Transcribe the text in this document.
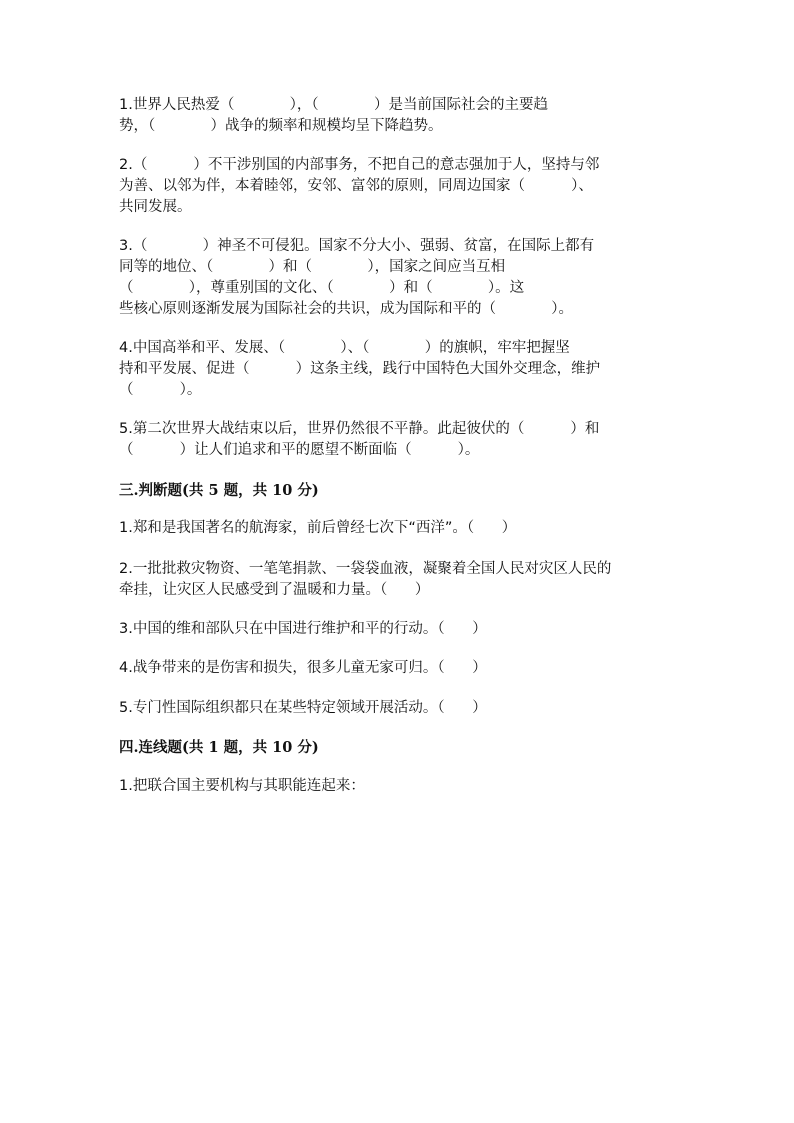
1.世界人民热爱（            ），（            ）是当前国际社会的主要趋
势，（            ）战争的频率和规模均呈下降趋势。
2.（          ）不干涉别国的内部事务，不把自己的意志强加于人，坚持与邻
为善、以邻为伴，本着睦邻，安邻、富邻的原则，同周边国家（          ）、
共同发展。
3.（            ）神圣不可侵犯。国家不分大小、强弱、贫富，在国际上都有
同等的地位、（            ）和（            ），国家之间应当互相
（            ），尊重别国的文化、（            ）和（            ）。这
些核心原则逐渐发展为国际社会的共识，成为国际和平的（            ）。
4.中国高举和平、发展、（            ）、（            ）的旗帜，牢牢把握坚
持和平发展、促进（          ）这条主线，践行中国特色大国外交理念，维护
（          ）。
5.第二次世界大战结束以后，世界仍然很不平静。此起彼伏的（          ）和
（          ）让人们追求和平的愿望不断面临（          ）。
三.判断题(共 5 题，共 10 分)
1.郑和是我国著名的航海家，前后曾经七次下“西洋”。（      ）
2.一批批救灾物资、一笔笔捐款、一袋袋血液，凝聚着全国人民对灾区人民的
牵挂，让灾区人民感受到了温暖和力量。（      ）
3.中国的维和部队只在中国进行维护和平的行动。（      ）
4.战争带来的是伤害和损失，很多儿童无家可归。（      ）
5.专门性国际组织都只在某些特定领域开展活动。（      ）
四.连线题(共 1 题，共 10 分)
1.把联合国主要机构与其职能连起来：
